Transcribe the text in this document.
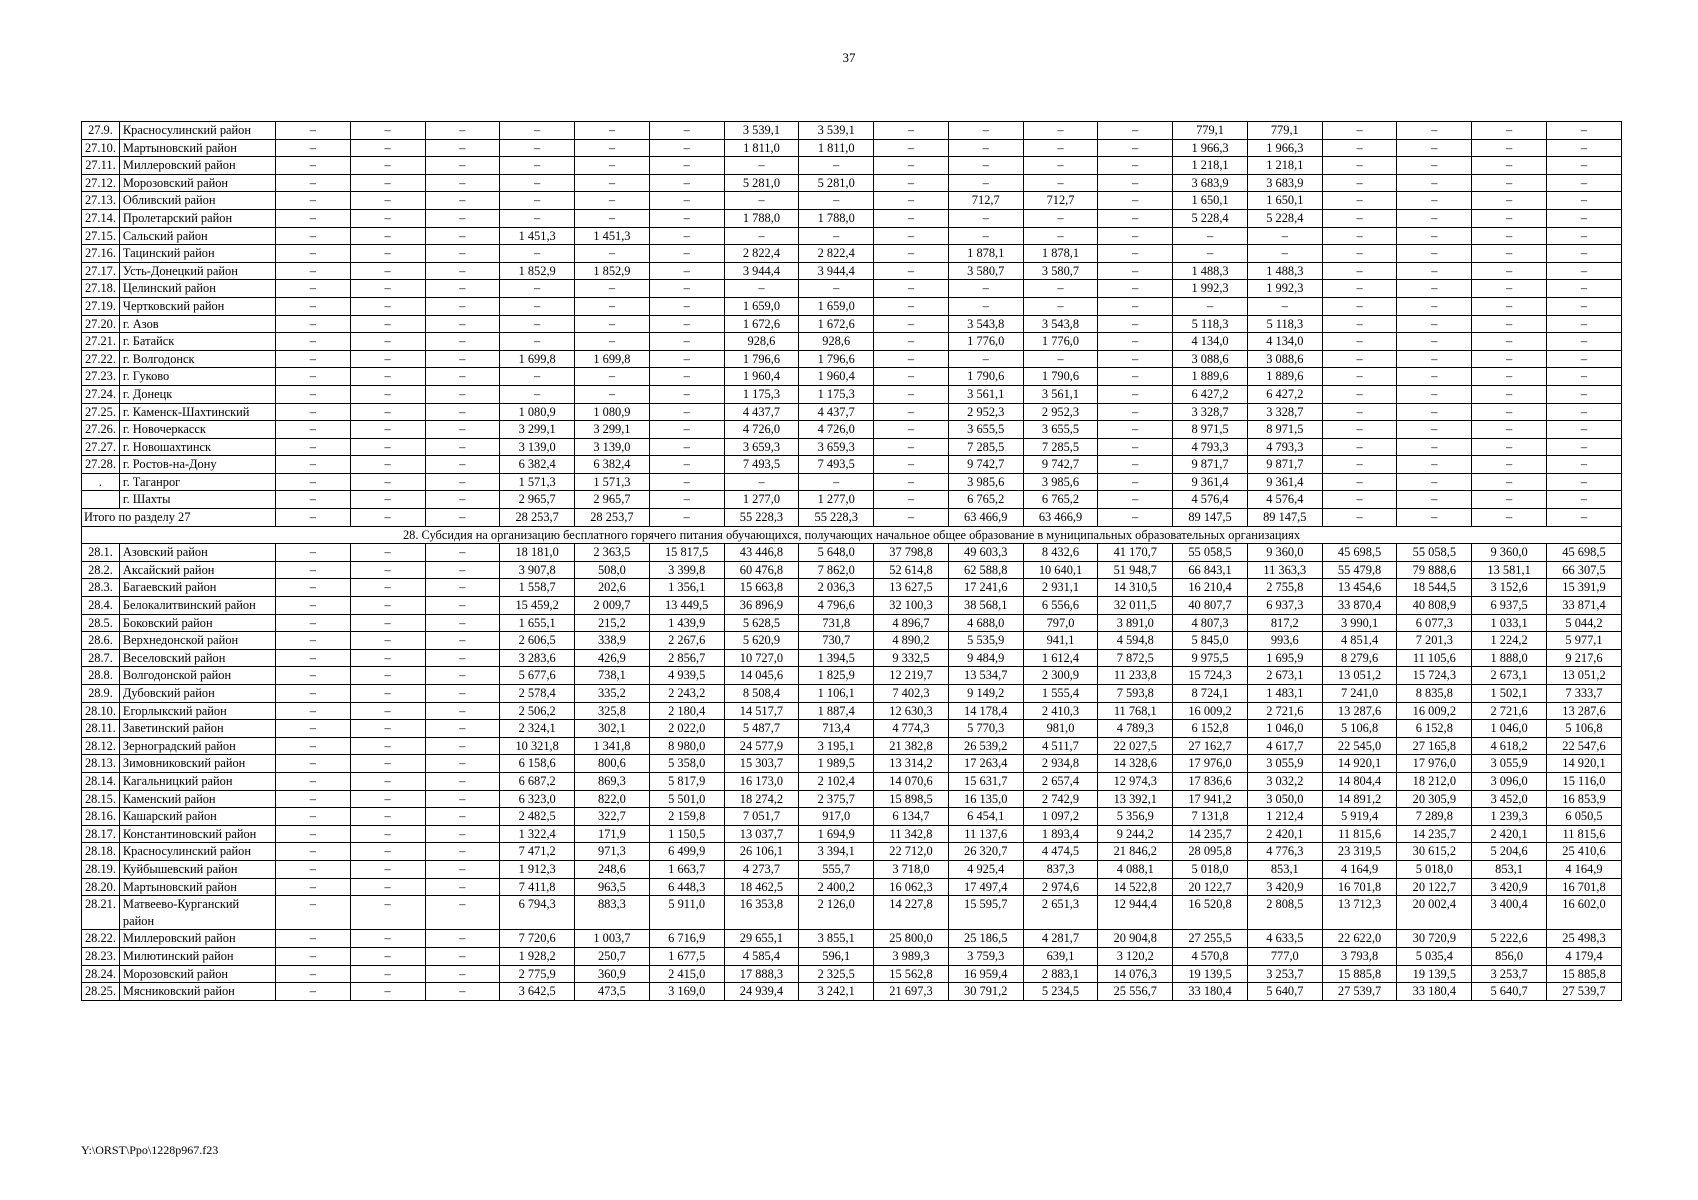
37
27.9.	Красносулинский район	–	–	–	–	–	–	3 539,1	3 539,1	–	–	–	–	779,1	779,1	–	–	–	–
27.10.	Мартыновский район	–	–	–	–	–	–	1 811,0	1 811,0	–	–	–	–	1 966,3	1 966,3	–	–	–	–
27.11.	Миллеровский район	–	–	–	–	–	–	–	–	–	–	–	–	1 218,1	1 218,1	–	–	–	–
27.12.	Морозовский район	–	–	–	–	–	–	5 281,0	5 281,0	–	–	–	–	3 683,9	3 683,9	–	–	–	–
27.13.	Обливский район	–	–	–	–	–	–	–	–	–	712,7	712,7	–	1 650,1	1 650,1	–	–	–	–
27.14.	Пролетарский район	–	–	–	–	–	–	1 788,0	1 788,0	–	–	–	–	5 228,4	5 228,4	–	–	–	–
27.15.	Сальский район	–	–	–	1 451,3	1 451,3	–	–	–	–	–	–	–	–	–	–	–	–	–
27.16.	Тацинский район	–	–	–	–	–	–	2 822,4	2 822,4	–	1 878,1	1 878,1	–	–	–	–	–	–	–
27.17.	Усть-Донецкий район	–	–	–	1 852,9	1 852,9	–	3 944,4	3 944,4	–	3 580,7	3 580,7	–	1 488,3	1 488,3	–	–	–	–
27.18.	Целинский район	–	–	–	–	–	–	–	–	–	–	–	–	1 992,3	1 992,3	–	–	–	–
27.19.	Чертковский район	–	–	–	–	–	–	1 659,0	1 659,0	–	–	–	–	–	–	–	–	–	–
27.20.	г. Азов	–	–	–	–	–	–	1 672,6	1 672,6	–	3 543,8	3 543,8	–	5 118,3	5 118,3	–	–	–	–
27.21.	г. Батайск	–	–	–	–	–	–	928,6	928,6	–	1 776,0	1 776,0	–	4 134,0	4 134,0	–	–	–	–
27.22.	г. Волгодонск	–	–	–	1 699,8	1 699,8	–	1 796,6	1 796,6	–	–	–	–	3 088,6	3 088,6	–	–	–	–
27.23.	г. Гуково	–	–	–	–	–	–	1 960,4	1 960,4	–	1 790,6	1 790,6	–	1 889,6	1 889,6	–	–	–	–
27.24.	г. Донецк	–	–	–	–	–	–	1 175,3	1 175,3	–	3 561,1	3 561,1	–	6 427,2	6 427,2	–	–	–	–
27.25.	г. Каменск-Шахтинский	–	–	–	1 080,9	1 080,9	–	4 437,7	4 437,7	–	2 952,3	2 952,3	–	3 328,7	3 328,7	–	–	–	–
27.26.	г. Новочеркасск	–	–	–	3 299,1	3 299,1	–	4 726,0	4 726,0	–	3 655,5	3 655,5	–	8 971,5	8 971,5	–	–	–	–
27.27.	г. Новошахтинск	–	–	–	3 139,0	3 139,0	–	3 659,3	3 659,3	–	7 285,5	7 285,5	–	4 793,3	4 793,3	–	–	–	–
27.28.	г. Ростов-на-Дону	–	–	–	6 382,4	6 382,4	–	7 493,5	7 493,5	–	9 742,7	9 742,7	–	9 871,7	9 871,7	–	–	–	–
.	г. Таганрог	–	–	–	1 571,3	1 571,3	–	–	–	–	3 985,6	3 985,6	–	9 361,4	9 361,4	–	–	–	–
	г. Шахты	–	–	–	2 965,7	2 965,7	–	1 277,0	1 277,0	–	6 765,2	6 765,2	–	4 576,4	4 576,4	–	–	–	–
Итого по разделу 27		–	–	–	28 253,7	28 253,7	–	55 228,3	55 228,3	–	63 466,9	63 466,9	–	89 147,5	89 147,5	–	–	–	–
28. Субсидия на организацию бесплатного горячего питания обучающихся, получающих начальное общее образование в муниципальных образовательных организациях																			
28.1.	Азовский район	–	–	–	18 181,0	2 363,5	15 817,5	43 446,8	5 648,0	37 798,8	49 603,3	8 432,6	41 170,7	55 058,5	9 360,0	45 698,5	55 058,5	9 360,0	45 698,5
28.2.	Аксайский район	–	–	–	3 907,8	508,0	3 399,8	60 476,8	7 862,0	52 614,8	62 588,8	10 640,1	51 948,7	66 843,1	11 363,3	55 479,8	79 888,6	13 581,1	66 307,5
28.3.	Багаевский район	–	–	–	1 558,7	202,6	1 356,1	15 663,8	2 036,3	13 627,5	17 241,6	2 931,1	14 310,5	16 210,4	2 755,8	13 454,6	18 544,5	3 152,6	15 391,9
28.4.	Белокалитвинский район	–	–	–	15 459,2	2 009,7	13 449,5	36 896,9	4 796,6	32 100,3	38 568,1	6 556,6	32 011,5	40 807,7	6 937,3	33 870,4	40 808,9	6 937,5	33 871,4
28.5.	Боковский район	–	–	–	1 655,1	215,2	1 439,9	5 628,5	731,8	4 896,7	4 688,0	797,0	3 891,0	4 807,3	817,2	3 990,1	6 077,3	1 033,1	5 044,2
28.6.	Верхнедонской район	–	–	–	2 606,5	338,9	2 267,6	5 620,9	730,7	4 890,2	5 535,9	941,1	4 594,8	5 845,0	993,6	4 851,4	7 201,3	1 224,2	5 977,1
28.7.	Веселовский район	–	–	–	3 283,6	426,9	2 856,7	10 727,0	1 394,5	9 332,5	9 484,9	1 612,4	7 872,5	9 975,5	1 695,9	8 279,6	11 105,6	1 888,0	9 217,6
28.8.	Волгодонской район	–	–	–	5 677,6	738,1	4 939,5	14 045,6	1 825,9	12 219,7	13 534,7	2 300,9	11 233,8	15 724,3	2 673,1	13 051,2	15 724,3	2 673,1	13 051,2
28.9.	Дубовский район	–	–	–	2 578,4	335,2	2 243,2	8 508,4	1 106,1	7 402,3	9 149,2	1 555,4	7 593,8	8 724,1	1 483,1	7 241,0	8 835,8	1 502,1	7 333,7
28.10.	Егорлыкский район	–	–	–	2 506,2	325,8	2 180,4	14 517,7	1 887,4	12 630,3	14 178,4	2 410,3	11 768,1	16 009,2	2 721,6	13 287,6	16 009,2	2 721,6	13 287,6
28.11.	Заветинский район	–	–	–	2 324,1	302,1	2 022,0	5 487,7	713,4	4 774,3	5 770,3	981,0	4 789,3	6 152,8	1 046,0	5 106,8	6 152,8	1 046,0	5 106,8
28.12.	Зерноградский район	–	–	–	10 321,8	1 341,8	8 980,0	24 577,9	3 195,1	21 382,8	26 539,2	4 511,7	22 027,5	27 162,7	4 617,7	22 545,0	27 165,8	4 618,2	22 547,6
28.13.	Зимовниковский район	–	–	–	6 158,6	800,6	5 358,0	15 303,7	1 989,5	13 314,2	17 263,4	2 934,8	14 328,6	17 976,0	3 055,9	14 920,1	17 976,0	3 055,9	14 920,1
28.14.	Кагальницкий район	–	–	–	6 687,2	869,3	5 817,9	16 173,0	2 102,4	14 070,6	15 631,7	2 657,4	12 974,3	17 836,6	3 032,2	14 804,4	18 212,0	3 096,0	15 116,0
28.15.	Каменский район	–	–	–	6 323,0	822,0	5 501,0	18 274,2	2 375,7	15 898,5	16 135,0	2 742,9	13 392,1	17 941,2	3 050,0	14 891,2	20 305,9	3 452,0	16 853,9
28.16.	Кашарский район	–	–	–	2 482,5	322,7	2 159,8	7 051,7	917,0	6 134,7	6 454,1	1 097,2	5 356,9	7 131,8	1 212,4	5 919,4	7 289,8	1 239,3	6 050,5
28.17.	Константиновский район	–	–	–	1 322,4	171,9	1 150,5	13 037,7	1 694,9	11 342,8	11 137,6	1 893,4	9 244,2	14 235,7	2 420,1	11 815,6	14 235,7	2 420,1	11 815,6
28.18.	Красносулинский район	–	–	–	7 471,2	971,3	6 499,9	26 106,1	3 394,1	22 712,0	26 320,7	4 474,5	21 846,2	28 095,8	4 776,3	23 319,5	30 615,2	5 204,6	25 410,6
28.19.	Куйбышевский район	–	–	–	1 912,3	248,6	1 663,7	4 273,7	555,7	3 718,0	4 925,4	837,3	4 088,1	5 018,0	853,1	4 164,9	5 018,0	853,1	4 164,9
28.20.	Мартыновский район	–	–	–	7 411,8	963,5	6 448,3	18 462,5	2 400,2	16 062,3	17 497,4	2 974,6	14 522,8	20 122,7	3 420,9	16 701,8	20 122,7	3 420,9	16 701,8
28.21.	Матвеево-Курганский район	–	–	–	6 794,3	883,3	5 911,0	16 353,8	2 126,0	14 227,8	15 595,7	2 651,3	12 944,4	16 520,8	2 808,5	13 712,3	20 002,4	3 400,4	16 602,0
28.22.	Миллеровский район	–	–	–	7 720,6	1 003,7	6 716,9	29 655,1	3 855,1	25 800,0	25 186,5	4 281,7	20 904,8	27 255,5	4 633,5	22 622,0	30 720,9	5 222,6	25 498,3
28.23.	Милютинский район	–	–	–	1 928,2	250,7	1 677,5	4 585,4	596,1	3 989,3	3 759,3	639,1	3 120,2	4 570,8	777,0	3 793,8	5 035,4	856,0	4 179,4
28.24.	Морозовский район	–	–	–	2 775,9	360,9	2 415,0	17 888,3	2 325,5	15 562,8	16 959,4	2 883,1	14 076,3	19 139,5	3 253,7	15 885,8	19 139,5	3 253,7	15 885,8
28.25.	Мясниковский район	–	–	–	3 642,5	473,5	3 169,0	24 939,4	3 242,1	21 697,3	30 791,2	5 234,5	25 556,7	33 180,4	5 640,7	27 539,7	33 180,4	5 640,7	27 539,7
Y:\ORST\Ppo\1228p967.f23
